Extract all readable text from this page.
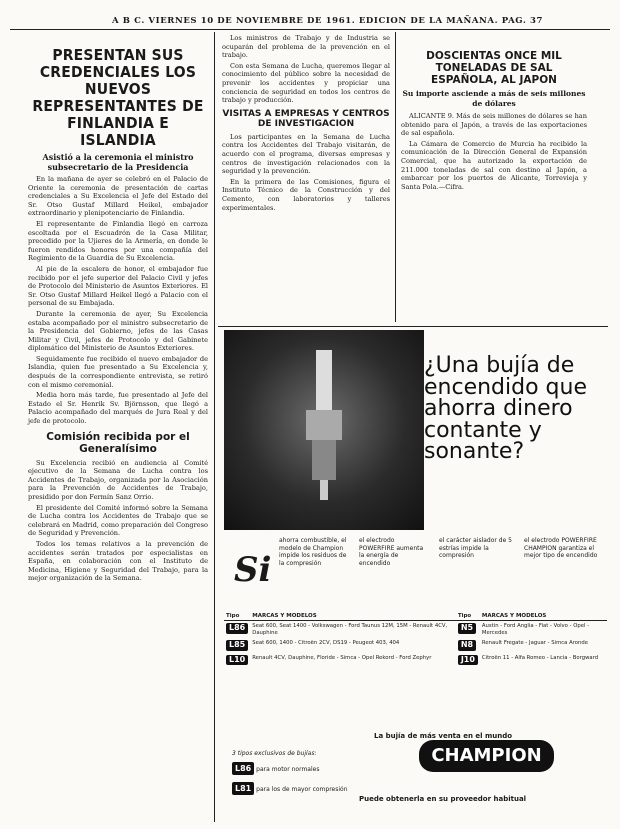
A B C. VIERNES 10 DE NOVIEMBRE DE 1961. EDICION DE LA MAÑANA. PAG. 37
PRESENTAN SUS CREDENCIALES LOS NUEVOS REPRESENTANTES DE FINLANDIA E ISLANDIA
Asistió a la ceremonia el ministro subsecretario de la Presidencia

En la mañana de ayer se celebró en el Palacio de Oriente la ceremonia de presentación de cartas credenciales a Su Excelencia el Jefe del Estado del Sr. Otso Gustaf Millard Heikel, embajador extraordinario y plenipotenciario de Finlandia.

El representante de Finlandia llegó en carroza escoltada por el Escuadrón de la Casa Militar, precedido por la Ujieres de la Armería, en donde le fueron rendidos honores por una compañía del Regimiento de la Guardia de Su Excelencia.

Al pie de la escalera de honor, el embajador fue recibido por el jefe superior del Palacio Civil y jefes de Protocolo del Ministerio de Asuntos Exteriores. El Sr. Otso Gustaf Millard Heikel llegó a Palacio con el personal de su Embajada.

Durante la ceremonia de ayer, Su Excelencia estaba acompañado por el ministro subsecretario de la Presidencia del Gobierno, jefes de las Casas Militar y Civil, jefes de Protocolo y del Gabinete diplomático del Ministerio de Asuntos Exteriores.

Seguidamente fue recibido el nuevo embajador de Islandia, quien fue presentado a Su Excelencia y, después de la correspondiente entrevista, se retiró con el mismo ceremonial.

Media hora más tarde, fue presentado al Jefe del Estado el Sr. Henrik Sv. Björnsson, que llegó a Palacio acompañado del marqués de Jura Real y del jefe de protocolo.

Comisión recibida por el Generalísimo

Su Excelencia recibió en audiencia al Comité ejecutivo de la Semana de Lucha contra los Accidentes de Trabajo, organizada por la Asociación para la Prevención de Accidentes de Trabajo, presidido por don Fermín Sanz Orrio.

El presidente del Comité informó sobre la Semana de Lucha contra los Accidentes de Trabajo que se celebrará en Madrid, como preparación del Congreso de Seguridad y Prevención.

Todos los temas relativos a la prevención de accidentes serán tratados por especialistas en España, en colaboración con el Instituto de Medicina, Higiene y Seguridad del Trabajo, para la mejor organización de la Semana.

Los ministros de Trabajo y de Industria se ocuparán del problema de la prevención en el trabajo.

Con esta Semana de Lucha, queremos llegar al conocimiento del público sobre la necesidad de prevenir los accidentes y propiciar una conciencia de seguridad en todos los centros de trabajo y producción.

VISITAS A EMPRESAS Y CENTROS DE INVESTIGACION

Los participantes en la Semana de Lucha contra los Accidentes del Trabajo visitarán, de acuerdo con el programa, diversas empresas y centros de investigación relacionados con la seguridad y la prevención.

En la primera de las Comisiones, figura el Instituto Técnico de la Construcción y del Cemento, con laboratorios y talleres experimentales.

DOSCIENTAS ONCE MIL TONELADAS DE SAL ESPAÑOLA, AL JAPON
Su importe asciende a más de seis millones de dólares

ALICANTE 9. Más de seis millones de dólares se han obtenido para el Japón, a través de las exportaciones de sal española.

La Cámara de Comercio de Murcia ha recibido la comunicación de la Dirección General de Expansión Comercial, que ha autorizado la exportación de 211.000 toneladas de sal con destino al Japón, a embarcar por los puertos de Alicante, Torrevieja y Santa Pola.—Cifra.

¿Una bujía de encendido que ahorra dinero contante y sonante?
Si
ahorra combustible, el modelo de Champion impide los residuos de la compresión
el electrodo POWERFIRE aumenta la energía de encendido
el carácter aislador de 5 estrías impide la compresión
el electrodo POWERFIRE CHAMPION garantiza el mejor tipo de encendido
Tipo	MARCAS Y MODELOS	Tipo	MARCAS Y MODELOS
L86	Seat 600, Seat 1400 - Volkswagen - Ford Taunus 12M, 15M - Renault 4CV, Dauphine	N5	Austin - Ford Anglia - Fiat - Volvo - Opel - Mercedes
L85	Seat 600, 1400 - Citroën 2CV, DS19 - Peugeot 403, 404	N8	Renault Fregate - Jaguar - Simca Aronde
L10	Renault 4CV, Dauphine, Floride - Simca - Opel Rekord - Ford Zephyr	J10	Citroën 11 - Alfa Romeo - Lancia - Borgward
La bujía de más venta en el mundo
3 tipos exclusivos de bujías:
L86 para motor normales
L81 para los de mayor compresión
CHAMPION
Puede obtenerla en su proveedor habitual
